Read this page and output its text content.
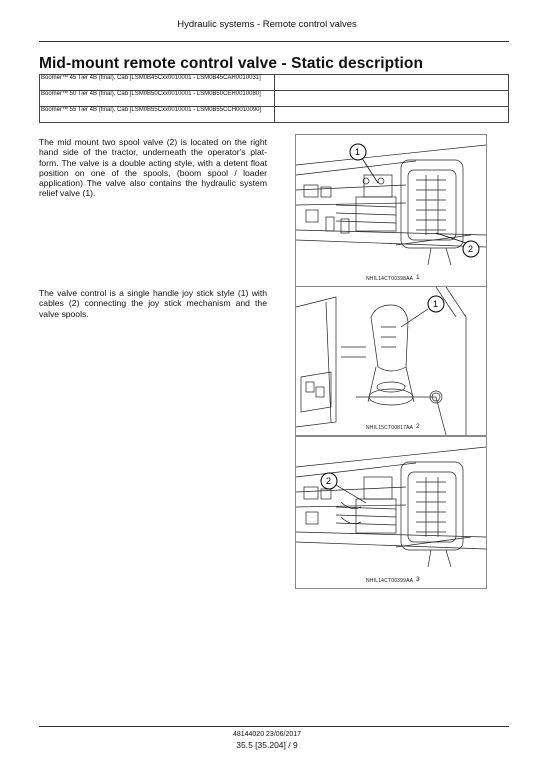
Hydraulic systems - Remote control valves
Mid-mount remote control valve - Static description
Boomer™ 45 Tier 4B (final), Cab [LSM0B45Cxx0010001 - LSM0B45CAH0010031]	
Boomer™ 50 Tier 4B (final), Cab [LSM0B50Cxx0010001 - LSM0B50CEH0010080]	
Boomer™ 55 Tier 4B (final), Cab [LSM0B55Cxx0010001 - LSM0B55CCH0010090]	
The mid mount two spool valve (2) is located on the right hand side of the tractor, underneath the operator's plat-form. The valve is a double acting style, with a detent float position on one of the spools, (boom spool / loader application) The valve also contains the hydraulic system relief valve (1).
The valve control is a single handle joy stick style (1) with cables (2) connecting the joy stick mechanism and the valve spools.
1
2
NHIL14CT00398AA 1
1
NHIL15CT00817AA 2
2
NHIL14CT00399AA 3
48144020 23/06/2017
35.5 [35.204] / 9
